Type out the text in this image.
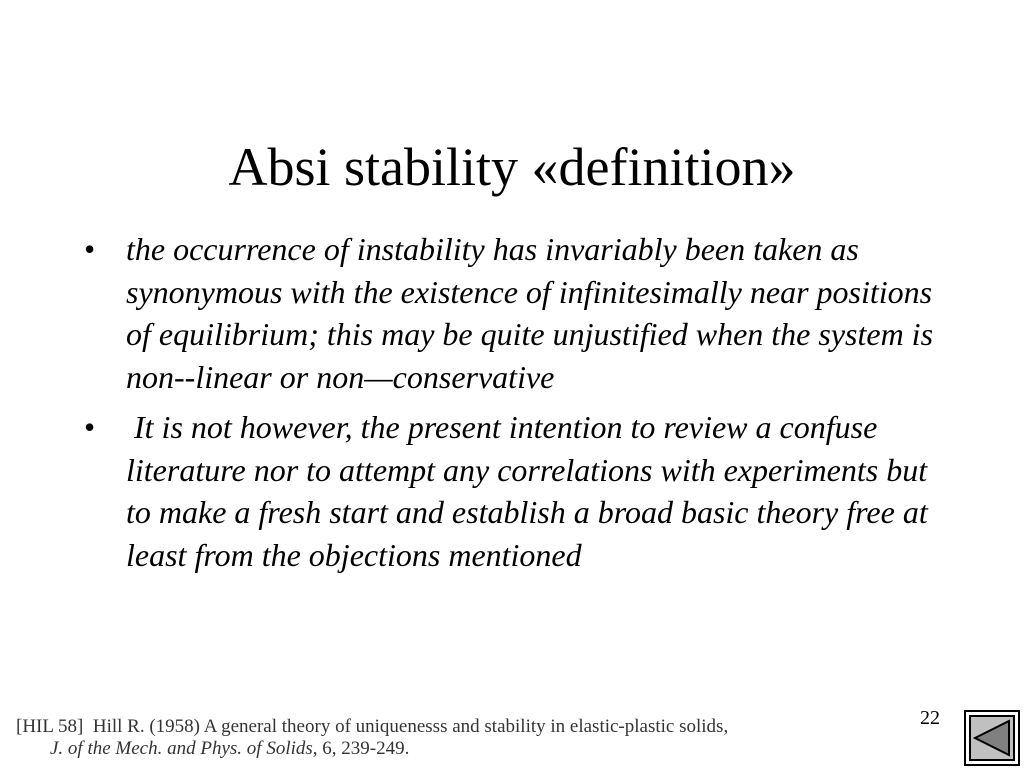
Absi stability «definition»
• the occurrence of instability has invariably been taken as synonymous with the existence of infinitesimally near positions of equilibrium; this may be quite unjustified when the system is non--linear or non—conservative
• It is not however, the present intention to review a confuse literature nor to attempt any correlations with experiments but to make a fresh start and establish a broad basic theory free at least from the objections mentioned
22
[HIL 58] Hill R. (1958) A general theory of uniquenesss and stability in elastic-plastic solids,
J. of the Mech. and Phys. of Solids, 6, 239-249.
